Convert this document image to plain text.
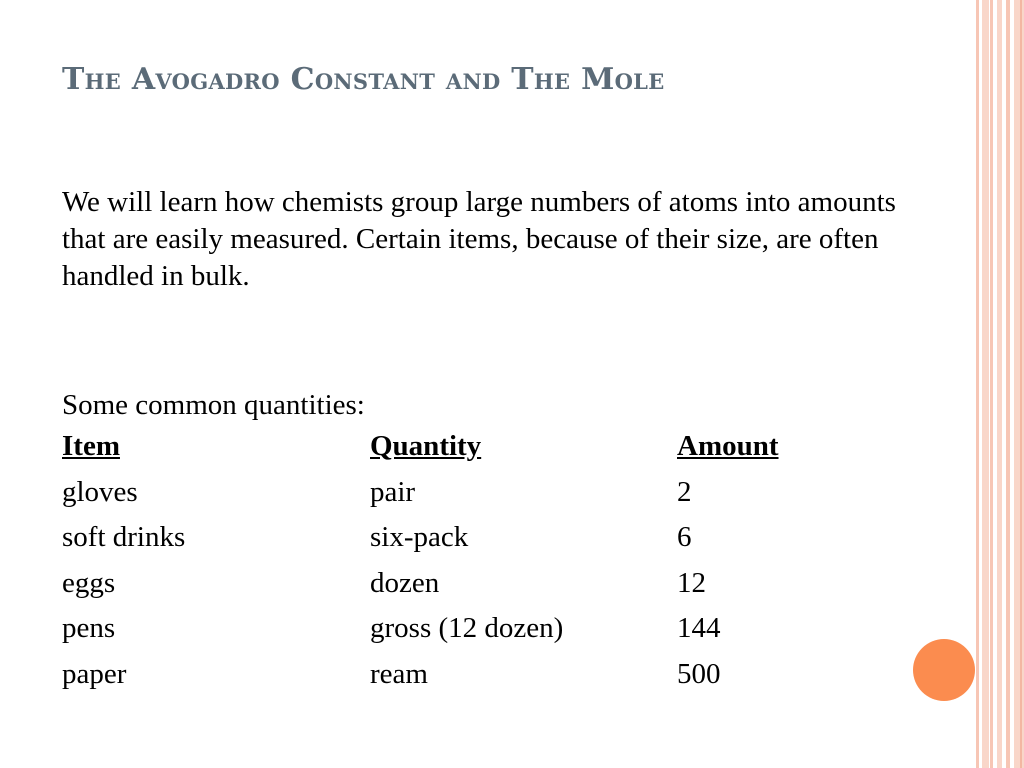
The Avogadro Constant and The Mole
We will learn how chemists group large numbers of atoms into amounts that are easily measured. Certain items, because of their size, are often handled in bulk.
Some common quantities:
Item	Quantity	Amount
gloves	pair	2
soft drinks	six-pack	6
eggs	dozen	12
pens	gross (12 dozen)	144
paper	ream	500
